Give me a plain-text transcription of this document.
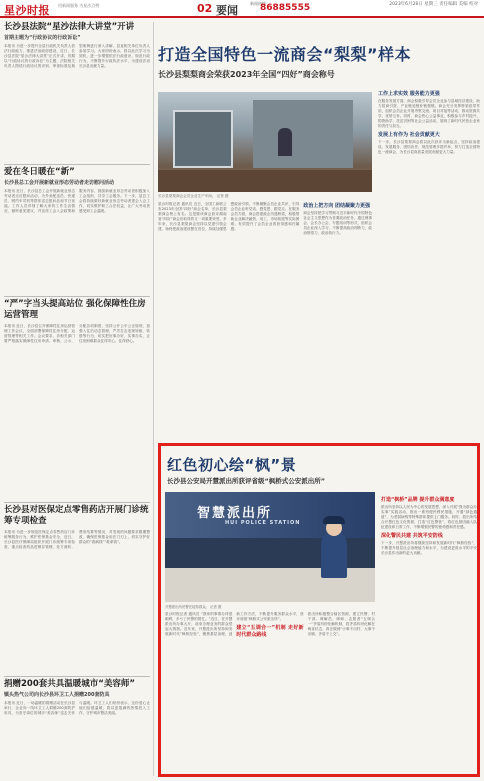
星沙时报 用新闻服务 为星沙点赞	02 要闻
新闻热线
86885555	2023年6月28日 星期三 责任编辑 美编 校对
长沙县法院“星沙法律大讲堂”开讲
首期主题为“行政协议的行政诉讼”
本报讯 为进一步提升全县行政机关负责人依法行政能力，推进法治政府建设，近日，长沙县法院“星沙法律大讲堂”正式开讲，首期以“行政协议的行政诉讼”为主题，法院相关负责人围绕行政协议的识别、审查标准及典型案例进行深入讲解，县直相关单位负责人参加学习。大家纷纷表示，将以此次学习为契机，进一步增强依法行政意识，规范行政行为，不断提升行政执法水平，为建设法治长沙县贡献力量。
爱在冬日暖在“新”
长沙县总工会开展新就业形态劳动者走访慰问活动
本报讯 近日，长沙县总工会开展新就业形态劳动者走访慰问活动，为外卖配送员、快递员、网约车司机等群体送去慰问品和节日祝福。工作人员详细了解大家的工作生活情况，倾听意见建议，并宣传工会入会政策和服务内容，鼓励新就业形态劳动者积极加入工会组织，共享工会服务。下一步，县总工会将持续做好新就业形态劳动者建会入会工作，切实维护职工合法权益，让广大劳动者感受到工会温暖。
“严”字当头提高站位 强化保障性住房运营管理
本报讯 近日，长沙县召开保障性住房运营管理工作会议，全面部署保障性住房分配、运营管理等相关工作。会议要求，各相关部门要严格落实保障性住房申请、审核、公示、分配各项制度，坚持公开公平公正原则，加强入住后动态管理，严厉打击违规转租、转借等行为，切实把好事办好、实事办实，让住房困难群众住得安心、住得舒心。
长沙县对医保定点零售药店开展门诊统筹专项检查
本报讯 为进一步规范医保定点零售药店门诊统筹服务行为，维护医保基金安全，近日，长沙县医疗保障局组织开展门诊统筹专项检查，重点检查药品进销存管理、处方流转、费用结算等情况，对发现的问题要求限期整改，确保医保基金用在刀刃上，切实守护好群众的“看病钱”“救命钱”。
捐赠200套共具温暖城市“美容师”
镇头热气公司向长沙县环卫工人捐赠200套防具
本报讯 近日，一场温暖的捐赠活动在长沙县举行，企业向一线环卫工人捐赠200套防护用具，为坚守岗位的城市“美容师”送去关怀与温暖。环卫工人们纷纷表示，这份爱心让他们倍感温暖，将以更饱满的热情投入工作，守护城市整洁美丽。
打造全国特色一流商会“梨梨”样本
长沙县梨梨商会荣获2023年全国“四好”商会称号
长沙县梨梨商会会员企业生产车间。 记者 摄
星沙时报记者 通讯员 近日，全国工商联公布2023年全国“四好”商会名单，长沙县梨梨商会榜上有名。这是继该商会获评湖南省“四好”商会后取得的又一项重要荣誉。多年来，长沙县梨梨商会坚持以党建引领会建，始终把政治建设摆在首位，持续加强思想政治引领，不断凝聚会员企业共识，引导会员企业听党话、感党恩、跟党走。在服务会员方面，商会搭建政企沟通桥梁，积极帮助企业解决融资、用工、市场拓展等实际困难，有效提升了会员企业的获得感和归属感。
政治上把方向 团结凝聚力更强
商会坚持把学习贯彻习近平新时代中国特色社会主义思想作为首要政治任务，通过理事会、会长办公会、专题培训等形式，组织会员企业深入学习，不断提高政治判断力、政治领悟力、政治执行力。
工作上求实效 服务能力更强
在服务发展方面，商会积极引导会员企业参与县域经济建设，助力招商引资、产业链延链补链强链。商会充分发挥桥梁纽带作用，组织会员企业开展考察交流、项目对接等活动，推动资源共享、优势互补。同时，商会热心公益事业，积极参与乡村振兴、捐资助学、扶贫济困等社会公益活动，展现了新时代民营企业家的责任与担当。
发展上有作为 社会贡献更大
下一步，长沙县梨梨商会将以此次获评为新起点，坚持政治建设、发展服务、团结协作、规范管理多措并举，努力打造全国特色一流商会，为长沙县高质量发展贡献更大力量。
红色初心绘“枫”景
长沙县公安局开慧派出所获评省级“枫桥式公安派出所”
智慧派出所
HUI POLICE STATION
开慧派出所民警在接待群众。 记者 摄
星沙时报记者 通讯员 “我家的事情办得很顺利，多亏了民警的帮忙。”近日，在开慧派出所办事大厅，前来办理业务的群众竖起大拇指。近年来，开慧派出所坚持和发展新时代“枫桥经验”，聚焦基层治理，创新工作方法，不断提升服务群众水平，获评省级“枫桥式公安派出所”。
建立“五调合一”机制 走好新时代群众路线
派出所积极整合辖区资源，建立民警、村干部、调解员、律师、志愿者“五调合一”矛盾纠纷化解机制，将矛盾纠纷化解在萌芽状态，真正做到“小事不出村、大事不出镇、矛盾不上交”。
打造“枫桥”品牌 提升群众满意度
派出所坚持以人民为中心的发展思想，深入开展“我为群众办实事”实践活动，推出一系列便民利民措施，开通“绿色通道”，为老弱病残等特殊群体提供上门服务。同时，派出所结合开慧红色文化资源，打造“红色警营”，将红色基因融入队伍建设和日常工作，不断增强民警的使命感和责任感。
深化警民共建 共筑平安防线
下一步，开慧派出所将继续坚持和发展新时代“枫桥经验”，不断提升基层社会治理能力和水平，为建设更高水平的平安长沙县作出新的更大贡献。
